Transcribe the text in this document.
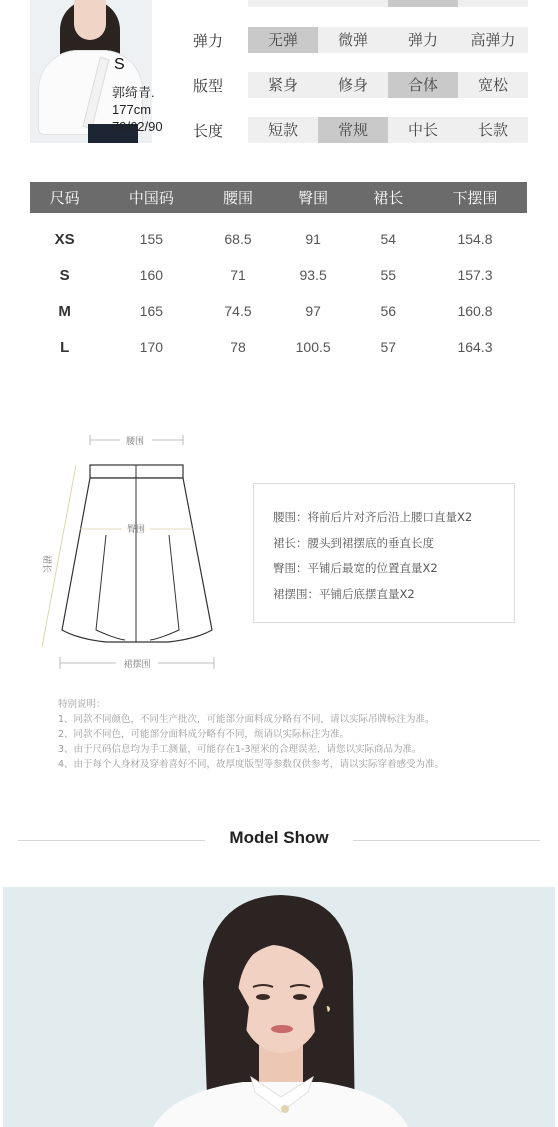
S
郭绮青.
177cm
79/62/90
弹力	无弹	微弹	弹力	高弹力
版型	紧身	修身	合体	宽松
长度	短款	常规	中长	长款
尺码	中国码	腰围	臀围	裙长	下摆围
XS	155	68.5	91	54	154.8
S	160	71	93.5	55	157.3
M	165	74.5	97	56	160.8
L	170	78	100.5	57	164.3
腰围
臀围
裙长
裙摆围
腰围：将前后片对齐后沿上腰口直量X2
裙长：腰头到裙摆底的垂直长度
臀围：平铺后最宽的位置直量X2
裙摆围：平铺后底摆直量X2
特别说明：
1、同款不同颜色，不同生产批次，可能部分面料成分略有不同，请以实际吊牌标注为准。
2、同款不同色，可能部分面料成分略有不同，烦请以实际标注为准。
3、由于尺码信息均为手工测量，可能存在1-3厘米的合理误差，请您以实际商品为准。
4、由于每个人身材及穿着喜好不同，故厚度版型等参数仅供参考，请以实际穿着感受为准。
Model Show
